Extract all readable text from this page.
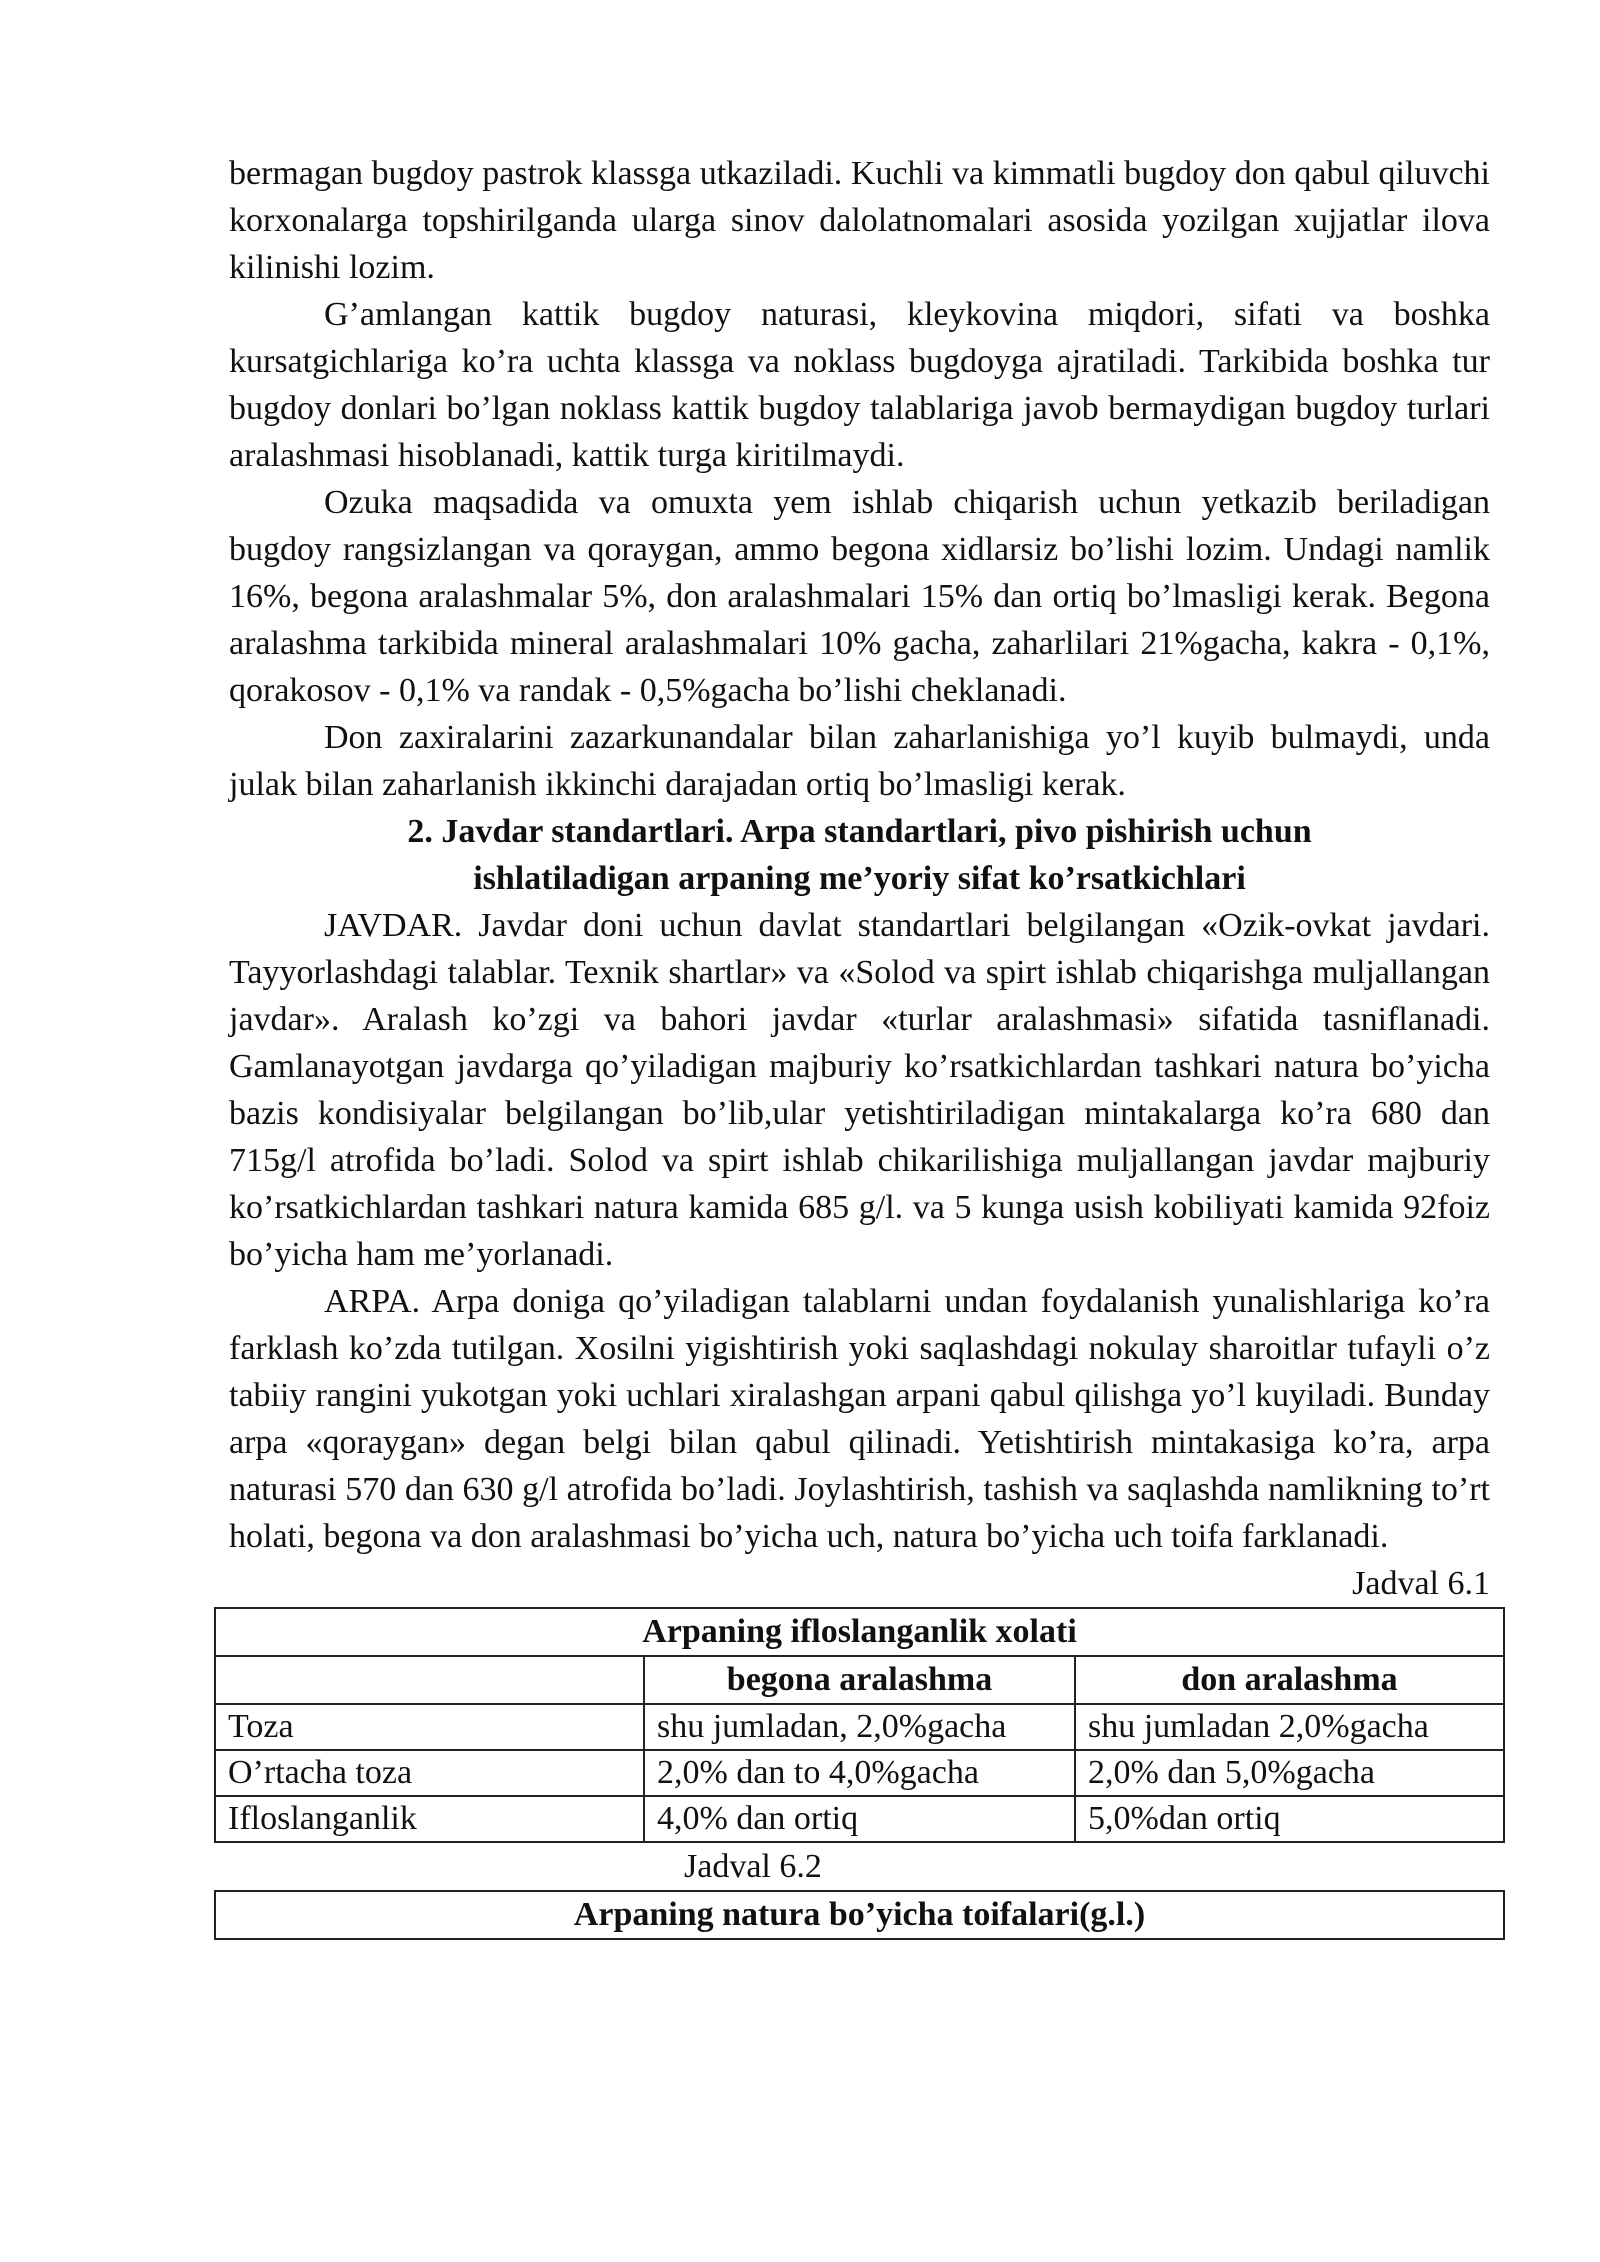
bermagan bugdoy pastrok klassga utkaziladi. Kuchli va kimmatli bugdoy don qabul qiluvchi korxonalarga topshirilganda ularga sinov dalolatnomalari asosida yozilgan xujjatlar ilova kilinishi lozim.

G’amlangan kattik bugdoy naturasi, kleykovina miqdori, sifati va boshka kursatgichlariga ko’ra uchta klassga va noklass bugdoyga ajratiladi. Tarkibida boshka tur bugdoy donlari bo’lgan noklass kattik bugdoy talablariga javob bermaydigan bugdoy turlari aralashmasi hisoblanadi, kattik turga kiritilmaydi.

Ozuka maqsadida va omuxta yem ishlab chiqarish uchun yetkazib beriladigan bugdoy rangsizlangan va qoraygan, ammo begona xidlarsiz bo’lishi lozim. Undagi namlik 16%, begona aralashmalar 5%, don aralashmalari 15% dan ortiq bo’lmasligi kerak. Begona aralashma tarkibida mineral aralashmalari 10% gacha, zaharlilari 21%gacha, kakra - 0,1%, qorakosov - 0,1% va randak - 0,5%gacha bo’lishi cheklanadi.

Don zaxiralarini zazarkunandalar bilan zaharlanishiga yo’l kuyib bulmaydi, unda julak bilan zaharlanish ikkinchi darajadan ortiq bo’lmasligi kerak.

2. Javdar standartlari. Arpa standartlari, pivo pishirish uchun
ishlatiladigan arpaning me’yoriy sifat ko’rsatkichlari

JAVDAR. Javdar doni uchun davlat standartlari belgilangan «Ozik-ovkat javdari. Tayyorlashdagi talablar. Texnik shartlar» va «Solod va spirt ishlab chiqarishga muljallangan javdar». Aralash ko’zgi va bahori javdar «turlar aralashmasi» sifatida tasniflanadi. Gamlanayotgan javdarga qo’yiladigan majburiy ko’rsatkichlardan tashkari natura bo’yicha bazis kondisiyalar belgilangan bo’lib,ular yetishtiriladigan mintakalarga ko’ra 680 dan 715g/l atrofida bo’ladi. Solod va spirt ishlab chikarilishiga muljallangan javdar majburiy ko’rsatkichlardan tashkari natura kamida 685 g/l. va 5 kunga usish kobiliyati kamida 92foiz bo’yicha ham me’yorlanadi.

ARPA. Arpa doniga qo’yiladigan talablarni undan foydalanish yunalishlariga ko’ra farklash ko’zda tutilgan. Xosilni yigishtirish yoki saqlashdagi nokulay sharoitlar tufayli o’z tabiiy rangini yukotgan yoki uchlari xiralashgan arpani qabul qilishga yo’l kuyiladi. Bunday arpa «qoraygan» degan belgi bilan qabul qilinadi. Yetishtirish mintakasiga ko’ra, arpa naturasi 570 dan 630 g/l atrofida bo’ladi. Joylashtirish, tashish va saqlashda namlikning to’rt holati, begona va don aralashmasi bo’yicha uch, natura bo’yicha uch toifa farklanadi.

Jadval 6.1
Arpaning ifloslanganlik xolati		
	begona aralashma	don aralashma
Toza	shu jumladan, 2,0%gacha	shu jumladan 2,0%gacha
O’rtacha toza	2,0% dan to 4,0%gacha	2,0% dan 5,0%gacha
Ifloslanganlik	4,0% dan ortiq	5,0%dan ortiq
Jadval 6.2
Arpaning natura bo’yicha toifalari(g.l.)
